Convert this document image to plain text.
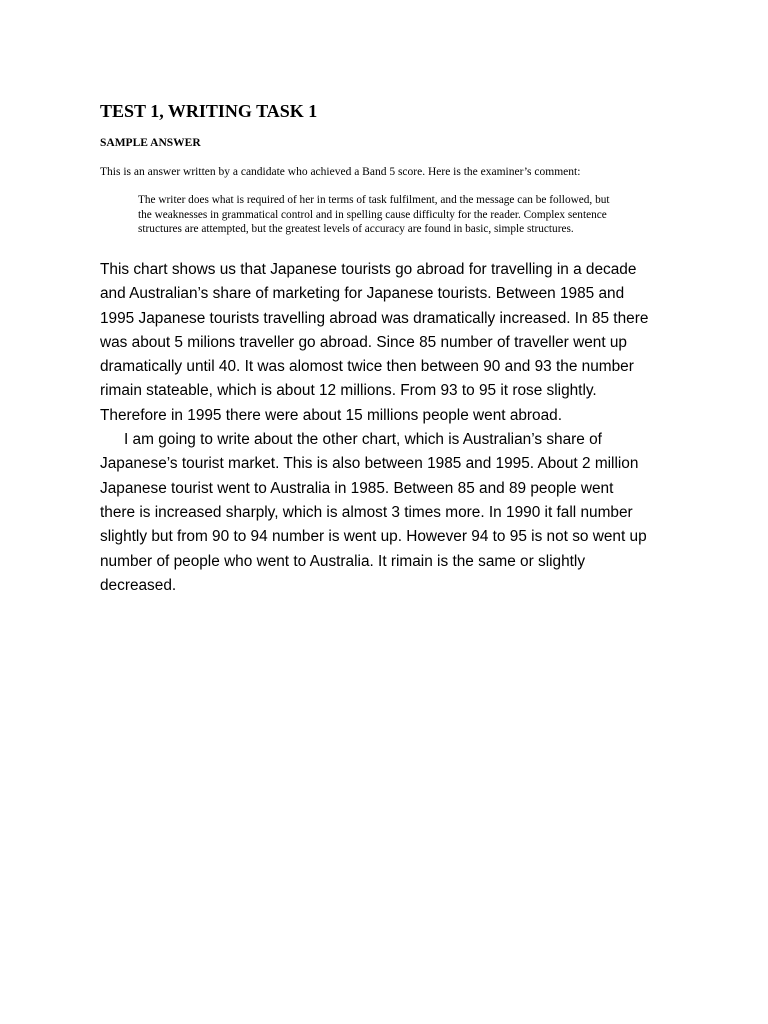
TEST 1, WRITING TASK 1
SAMPLE ANSWER

This is an answer written by a candidate who achieved a Band 5 score. Here is the examiner’s comment:

The writer does what is required of her in terms of task fulfilment, and the message can be followed, but
the weaknesses in grammatical control and in spelling cause difficulty for the reader. Complex sentence
structures are attempted, but the greatest levels of accuracy are found in basic, simple structures.
This chart shows us that Japanese tourists go abroad for travelling in a decade
and Australian’s share of marketing for Japanese tourists. Between 1985 and
1995 Japanese tourists travelling abroad was dramatically increased. In 85 there
was about 5 milions traveller go abroad. Since 85 number of traveller went up
dramatically until 40. It was alomost twice then between 90 and 93 the number
rimain stateable, which is about 12 millions. From 93 to 95 it rose slightly.
Therefore in 1995 there were about 15 millions people went abroad.
I am going to write about the other chart, which is Australian’s share of
Japanese’s tourist market. This is also between 1985 and 1995. About 2 million
Japanese tourist went to Australia in 1985. Between 85 and 89 people went
there is increased sharply, which is almost 3 times more. In 1990 it fall number
slightly but from 90 to 94 number is went up. However 94 to 95 is not so went up
number of people who went to Australia. It rimain is the same or slightly
decreased.
